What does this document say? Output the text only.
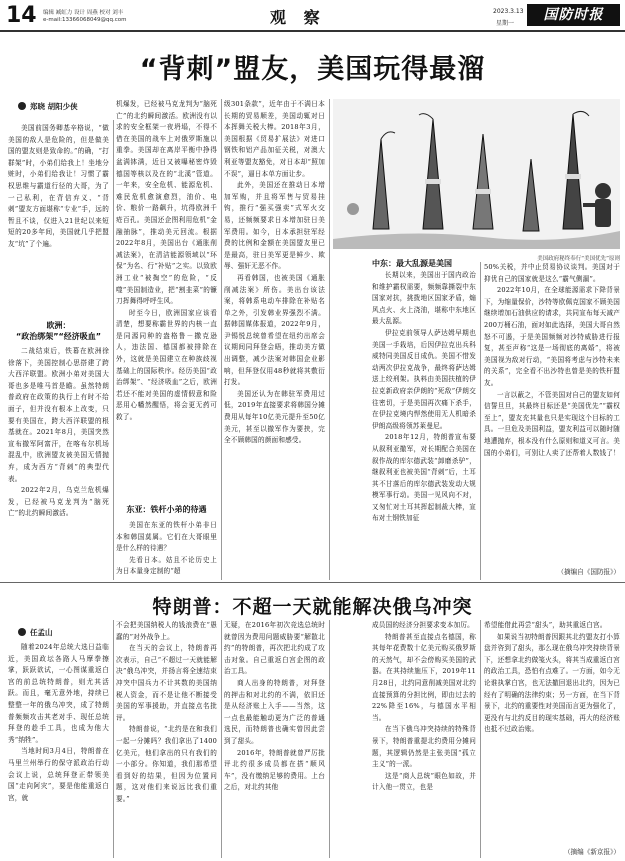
14 编辑 臧虹力 设计 周燕 校对 刘丰
e-mail:13366068049@qq.com	观 察	2023.3.13
星期一
国防时报
“背刺”盟友，美国玩得最溜
郑晓 胡阳少侠

美国前国务卿基辛格说，“做美国的敌人是危险的，但是做美国的盟友则是致命的。”的确，“打群架”时，小弟们给我上！坐地分赃时，小弟们给我让！习惯了霸权思维与霸道行径的大哥，为了一己私利，在背信弃义、“背刺”盟友方面堪称“专业”手，远的暂且不谈，仅进入21世纪以来短短的20多年间，美国就几乎把盟友“坑”了个遍。

欧洲：
“政治绑架”“经济吸血”

二战结束后，铁幕在欧洲徐徐落下，美国控制心思搭建了跨大西洋联盟。欧洲小弟对美国大哥也多是唯马首是瞻。虽然特朗普政府在政策的执行上有时不给面子，但并没有根本上改变，只要有美国在，跨大西洋联盟的根基就在。2021年8月，美国突然宣布撤军阿富汗，在喀布尔机场混乱中，欧洲盟友被美国无情抛弃，成为西方“背刺”的典型代表。

2022年2月，乌克兰危机爆发，已经被马克龙判为“脑死亡”的北约瞬间激活。

机爆发，已经被马克龙判为“脑死亡”的北约瞬间激活。欧洲没有以求的安全框架一夜坍塌，不得不借在美国的战车上对俄罗斯施以重拳。美国却在离岸平衡中挣得盆满钵满，近日又被曝秘密炸毁德国等核以及在的“北溪”管道。一年来，安全危机、能源危机、难民危机愈演愈烈，油价、电价、粮价一路飙升，坑得欧洲千疮百孔。美国还企图利用危机“金融抽脉”，推动美元回流。根据2022年8月，美国出台《通胀削减法案》，在清洁能源领域以“环保”为名、行“补贴”之实。以致欧洲工业“被掏空”的危险，“反噬”美国制造业，把“割韭菜”的镰刀挥舞得呼呼生风。

时至今日，欧洲国家应该看清楚，想要称霸世界的内核一直是同源同种的盎格鲁－撒克逊人，违法国、德国都被排除在外，这就是美国建立在种族歧视基础上的国际秩序。经历美国“政治绑架”、“经济吸血”之后，欧洲若还不能对美国的虚情假意和险恶用心幡然醒悟，将会更无药可救了。

东亚：铁杆小弟的待遇

美国在东亚的铁杆小弟非日本和韩国莫属。它们在大哥眼里是什么样的待遇？

先看日本。姑且不论历史上为日本量身定制的“超

级301条款”，近年由于不满日本长期的贸易顺差，美国动辄对日本挥舞关税大棒。2018年3月，美国根据《贸易扩展法》对进口钢铁和铝产品加征关税，对澳大利亚等盟友豁免，对日本却“照加不误”，逼日本单方面让步。

此外，美国还在推动日本增加军购，并且将军售与贸易挂钩，推行“强买强卖”式军火交易，还频频要求日本增加驻日美军费用。如今，日本承担驻军经费的比例和金额在美国盟友里已是最高，驻日美军更是鲜少、欺辱、强奸无恶不作。

再看韩国，也被美国《通胀削减法案》所伤。美出台该法案，将韩系电动车排除在补贴名单之外，引发韩业界强烈不满。据韩国媒体报道，2022年9月，尹锡悦总统曾希望在纽约出席会议期间同拜登会晤，推动美方做出调整，减少法案对韩国企业影响，但拜登仅用48秒就将其敷衍打发。

美国还认为在韩驻军费用过低，2019年直接要求将韩国分摊费用从每年10亿美元提升至50亿美元，甚至以撤军作为要挟，完全不顾韩国的颜面和感受。

美国政府秘终奉行“美国优先”原则
中东：最大乱源是美国

长期以来，美国出于国内政治和维护霸权需要，频频靠撕裂中东国家对抗，挑拨地区国家矛盾，煽风点火、火上浇油，堪称中东地区最大乱源。

伊拉克前领导人萨达姆早期也美国一手栽培，后因伊拉克出兵科威特同美国反目成仇。美国不惜发动两次伊拉克战争，最终将萨达姆送上绞刑架。执料由美国扶植的伊拉克新政府亲伊朗的“死敌”伊朗交往密切，于是美国再次痛下杀手，在伊拉克境内悍然使用无人机暗杀伊朗高级将领苏莱曼尼。

2018年12月，特朗普宣布要从叙利亚撤军，对长期配合美国在叙作战的库尔德武装“卸磨杀驴”，继叙利亚也被美国“背刺”后，土耳其不甘落后的库尔德武装发动大规模军事行动。美国一见风向不对，又匆忙对土耳其挥起制裁大棒，宣布对土钢铁加征

50%关税，并中止贸易协议谈判。美国对于抑优自己的国家就是这么“霸气侧漏”。

2022年10月，在全球能源需求下降背景下，为缩量保价，沙特等欧佩克国家不顾美国继续增加石油供应的请求，共同宣布每天减产200万桶石油，面对如此选择，美国大哥自然怒不可遏，于是美国频频对沙特威胁进行报复，甚至声称“这是一场彻底的离婚”，将被美国视为敌对行动，“美国将考虑与沙特未来的关系”，完全看不出沙特也曾是美的铁杆盟友。

一言以蔽之，不管美国对自己的盟友如何信誓旦旦，其最终目标还是“美国优先”“霸权至上”，盟友充其量也只是实现这个目标的工具。一旦危及美国利益，盟友利益可以随时随地遭抛弃，根本没有什么原则和道义可言。美国的小弟们，可别让人卖了还帮着人数钱了！

（摘编自《国防报》）
特朗普：不超一天就能解决俄乌冲突
任孟山

随着2024年总统大选日益临近，美国政坛各路人马摩拳擦掌，跃跃欲试，一心图谋重返白宫的前总统特朗普，则尤其活跃。而且，毫无意外地，持续已整整一年的俄乌冲突，成了特朗普频频攻击其老对手、现任总统拜登的趁手工具，也成为他大秀“纳牲”。

当地时间3月4日，特朗普在马里兰州举行的保守派政治行动会议上说，总统拜登正带领美国“走向阿灾”，要是他能重返白宫，就

不会把美国纳税人的钱浪费在“愚蠢的”对外战争上。

在当天的会议上，特朗普再次表示，自己“不超过一天就能解决”俄乌冲突，并扬言将全速结束冲突中国兵力不计其数的美国纳税人资金，而不是让他不断接受美国的军事援助，并直接点名批评。

特朗普说，“北约是在和我们一起一分摊吗？我们拿出了1400亿美元，他们拿出的只有我们的一小部分。你知道，我们那希望看到好的结果，但因为位置问题，这对他们来说远比我们重要。”

无疑，在2016年初次竞选总统时就曾因为费用问题威胁要“解散北约”的特朗普，再次把北约成了攻击对象。自己重返白宫企图的政治工具。

商人出身的特朗普，对拜登的押击和对北约的不满，依旧还是从经济账上入手——当然，这一点也最能触动更为广泛的普通选民，而特朗普也确实曾因此尝到了甜头。

2016年，特朗普就曾严厉批评北约很多成员都在搭“顺风车”，没有缴纳足够的费用。上台之后，对北约其他

成员国的经济分担要求变本加厉。

特朗普甚至直接点名德国，称其每年花费数十亿美元购买俄罗斯的天然气，却不会傍购买美国的武器。在其持续施压下，2019年11月28日，北约同意削减美国对北约直接预算的分担比例，即由过去的22%降至16%，与德国水平相当。

在当下俄乌冲突持续的特殊背景下，特朗普重提北约费用分摊问题，其逻辑仍然是主张美国“孤立主义”的一派。

这是“商人总统”眼色如故，并计入他一贯立，也是

希望能借此再尝“甜头”，助其重返白宫。

如果说当初特朗普因跟其北约盟友打小算盘并咨到了甜头，那么现在俄乌冲突持续背景下，还想拿北约做笺火头，将其当成重返白宫的政治工具，恐怕有点难了。一方面，如今无论谁执掌白宫，也无法撤回退出北约，因为已经有了明确的法律约束；另一方面，在当下背景下，北约的重要性对美国而言更为强化了，更没有与北约反目的现实基础，再大的经济账也抵不过政治账。

（摘编《新京报》）
